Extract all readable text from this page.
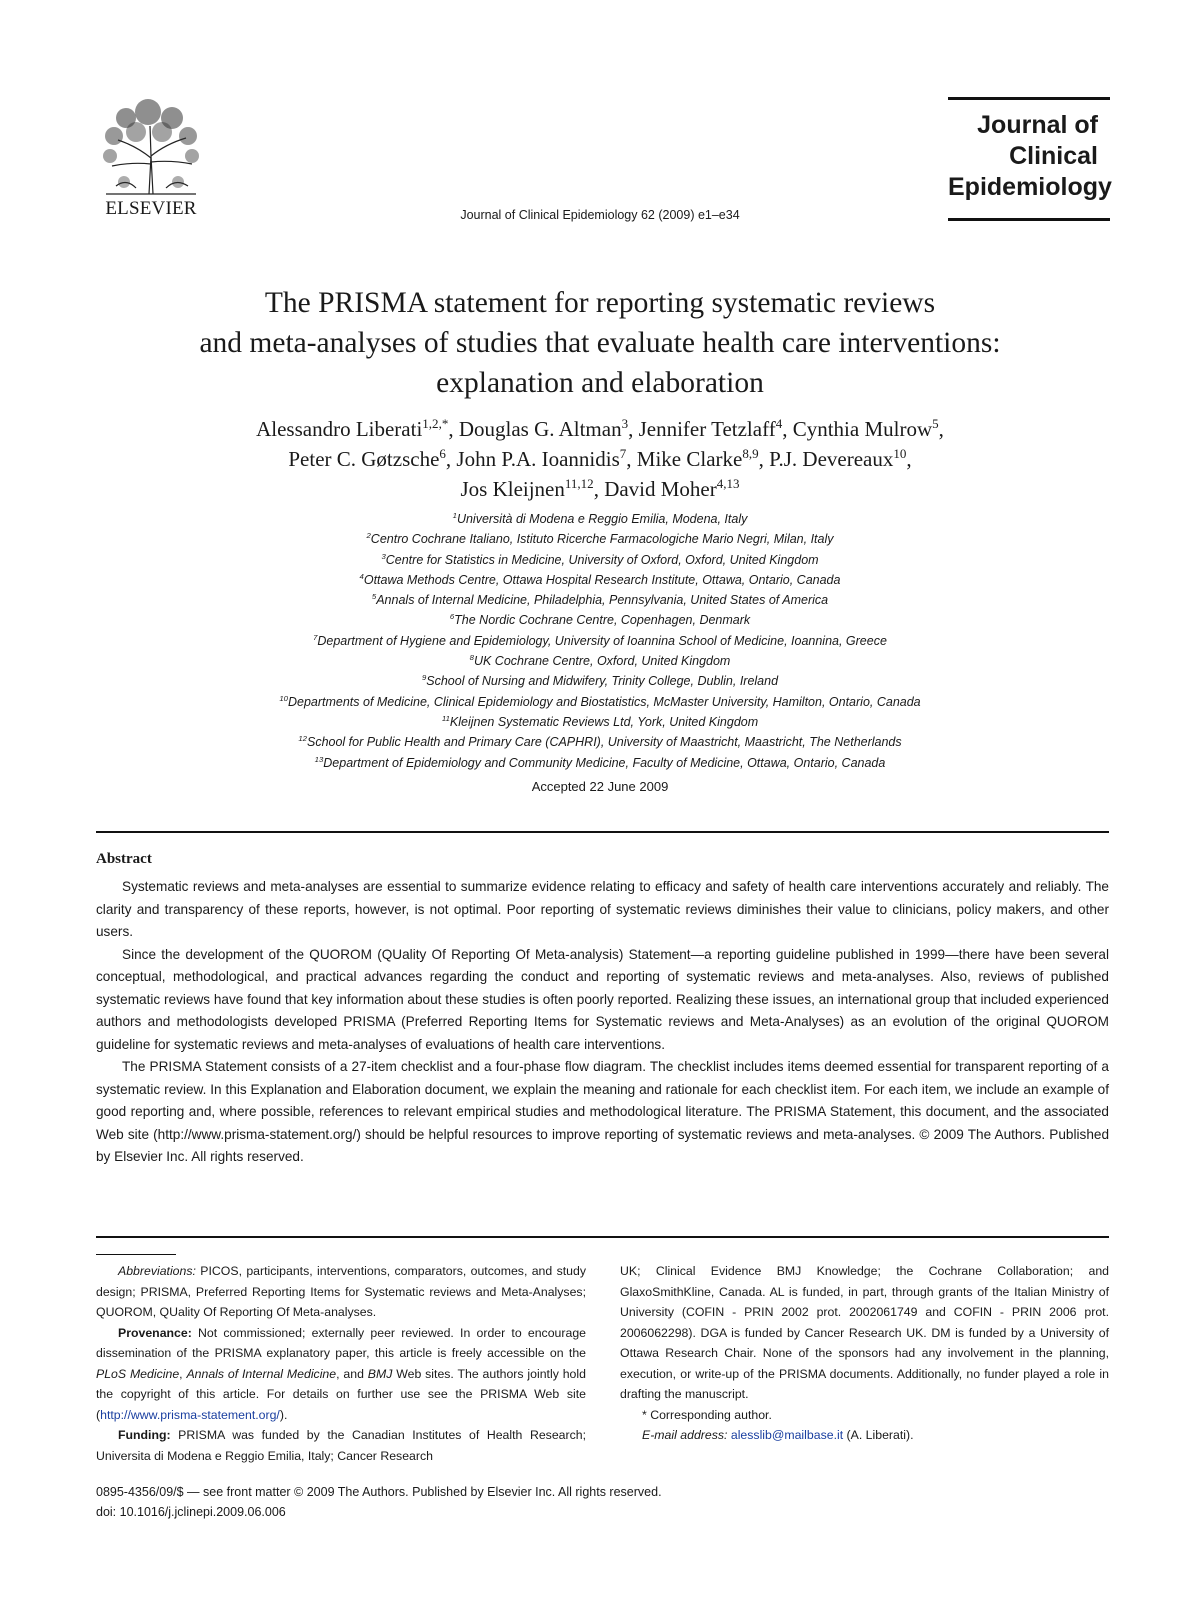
ELSEVIER	Journal of Clinical Epidemiology 62 (2009) e1–e34
Journal of
Clinical
Epidemiology
The PRISMA statement for reporting systematic reviews
and meta-analyses of studies that evaluate health care interventions:
explanation and elaboration
Alessandro Liberati$^{1,2,*}$, Douglas G. Altman$^3$, Jennifer Tetzlaff$^4$, Cynthia Mulrow$^5$,
Peter C. Gøtzsche$^6$, John P.A. Ioannidis$^7$, Mike Clarke$^{8,9}$, P.J. Devereaux$^{10}$,
Jos Kleijnen$^{11,12}$, David Moher$^{4,13}$
$^1$Università di Modena e Reggio Emilia, Modena, Italy
$^2$Centro Cochrane Italiano, Istituto Ricerche Farmacologiche Mario Negri, Milan, Italy
$^3$Centre for Statistics in Medicine, University of Oxford, Oxford, United Kingdom
$^4$Ottawa Methods Centre, Ottawa Hospital Research Institute, Ottawa, Ontario, Canada
$^5$Annals of Internal Medicine, Philadelphia, Pennsylvania, United States of America
$^6$The Nordic Cochrane Centre, Copenhagen, Denmark
$^7$Department of Hygiene and Epidemiology, University of Ioannina School of Medicine, Ioannina, Greece
$^8$UK Cochrane Centre, Oxford, United Kingdom
$^9$School of Nursing and Midwifery, Trinity College, Dublin, Ireland
$^{10}$Departments of Medicine, Clinical Epidemiology and Biostatistics, McMaster University, Hamilton, Ontario, Canada
$^{11}$Kleijnen Systematic Reviews Ltd, York, United Kingdom
$^{12}$School for Public Health and Primary Care (CAPHRI), University of Maastricht, Maastricht, The Netherlands
$^{13}$Department of Epidemiology and Community Medicine, Faculty of Medicine, Ottawa, Ontario, Canada
Accepted 22 June 2009
Abstract

Systematic reviews and meta-analyses are essential to summarize evidence relating to efficacy and safety of health care interventions accurately and reliably. The clarity and transparency of these reports, however, is not optimal. Poor reporting of systematic reviews diminishes their value to clinicians, policy makers, and other users.

Since the development of the QUOROM (QUality Of Reporting Of Meta-analysis) Statement—a reporting guideline published in 1999—there have been several conceptual, methodological, and practical advances regarding the conduct and reporting of systematic reviews and meta-analyses. Also, reviews of published systematic reviews have found that key information about these studies is often poorly reported. Realizing these issues, an international group that included experienced authors and methodologists developed PRISMA (Preferred Reporting Items for Systematic reviews and Meta-Analyses) as an evolution of the original QUOROM guideline for systematic reviews and meta-analyses of evaluations of health care interventions.

The PRISMA Statement consists of a 27-item checklist and a four-phase flow diagram. The checklist includes items deemed essential for transparent reporting of a systematic review. In this Explanation and Elaboration document, we explain the meaning and rationale for each checklist item. For each item, we include an example of good reporting and, where possible, references to relevant empirical studies and methodological literature. The PRISMA Statement, this document, and the associated Web site (http://www.prisma-statement.org/) should be helpful resources to improve reporting of systematic reviews and meta-analyses. © 2009 The Authors. Published by Elsevier Inc. All rights reserved.

Abbreviations: PICOS, participants, interventions, comparators, outcomes, and study design; PRISMA, Preferred Reporting Items for Systematic reviews and Meta-Analyses; QUOROM, QUality Of Reporting Of Meta-analyses.

Provenance: Not commissioned; externally peer reviewed. In order to encourage dissemination of the PRISMA explanatory paper, this article is freely accessible on the PLoS Medicine, Annals of Internal Medicine, and BMJ Web sites. The authors jointly hold the copyright of this article. For details on further use see the PRISMA Web site (http://www.prisma-statement.org/).

Funding: PRISMA was funded by the Canadian Institutes of Health Research; Universita di Modena e Reggio Emilia, Italy; Cancer Research

UK; Clinical Evidence BMJ Knowledge; the Cochrane Collaboration; and GlaxoSmithKline, Canada. AL is funded, in part, through grants of the Italian Ministry of University (COFIN - PRIN 2002 prot. 2002061749 and COFIN - PRIN 2006 prot. 2006062298). DGA is funded by Cancer Research UK. DM is funded by a University of Ottawa Research Chair. None of the sponsors had any involvement in the planning, execution, or write-up of the PRISMA documents. Additionally, no funder played a role in drafting the manuscript.

* Corresponding author.

E-mail address: alesslib@mailbase.it (A. Liberati).

0895-4356/09/$ — see front matter © 2009 The Authors. Published by Elsevier Inc. All rights reserved.
doi: 10.1016/j.jclinepi.2009.06.006
